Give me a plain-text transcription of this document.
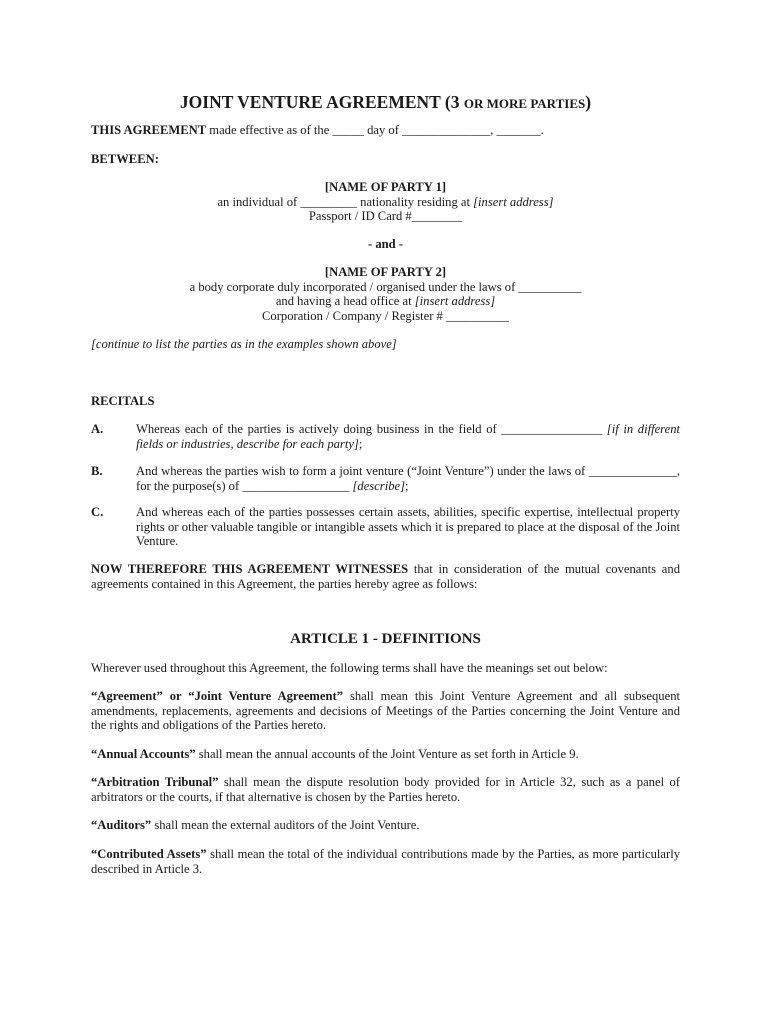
JOINT VENTURE AGREEMENT (3 OR MORE PARTIES)
THIS AGREEMENT made effective as of the _____ day of ______________, _______.
BETWEEN:
[NAME OF PARTY 1]
an individual of _________ nationality residing at [insert address]
Passport / ID Card #________
- and -
[NAME OF PARTY 2]
a body corporate duly incorporated / organised under the laws of __________
and having a head office at [insert address]
Corporation / Company / Register # __________
[continue to list the parties as in the examples shown above]
RECITALS
A.	Whereas each of the parties is actively doing business in the field of ________________ [if in different fields or industries, describe for each party];
B.	And whereas the parties wish to form a joint venture (“Joint Venture”) under the laws of ______________, for the purpose(s) of _________________ [describe];
C.	And whereas each of the parties possesses certain assets, abilities, specific expertise, intellectual property rights or other valuable tangible or intangible assets which it is prepared to place at the disposal of the Joint Venture.
NOW THEREFORE THIS AGREEMENT WITNESSES that in consideration of the mutual covenants and agreements contained in this Agreement, the parties hereby agree as follows:
ARTICLE 1 - DEFINITIONS
Wherever used throughout this Agreement, the following terms shall have the meanings set out below:
“Agreement” or “Joint Venture Agreement” shall mean this Joint Venture Agreement and all subsequent amendments, replacements, agreements and decisions of Meetings of the Parties concerning the Joint Venture and the rights and obligations of the Parties hereto.
“Annual Accounts” shall mean the annual accounts of the Joint Venture as set forth in Article 9.
“Arbitration Tribunal” shall mean the dispute resolution body provided for in Article 32, such as a panel of arbitrators or the courts, if that alternative is chosen by the Parties hereto.
“Auditors” shall mean the external auditors of the Joint Venture.
“Contributed Assets” shall mean the total of the individual contributions made by the Parties, as more particularly described in Article 3.
